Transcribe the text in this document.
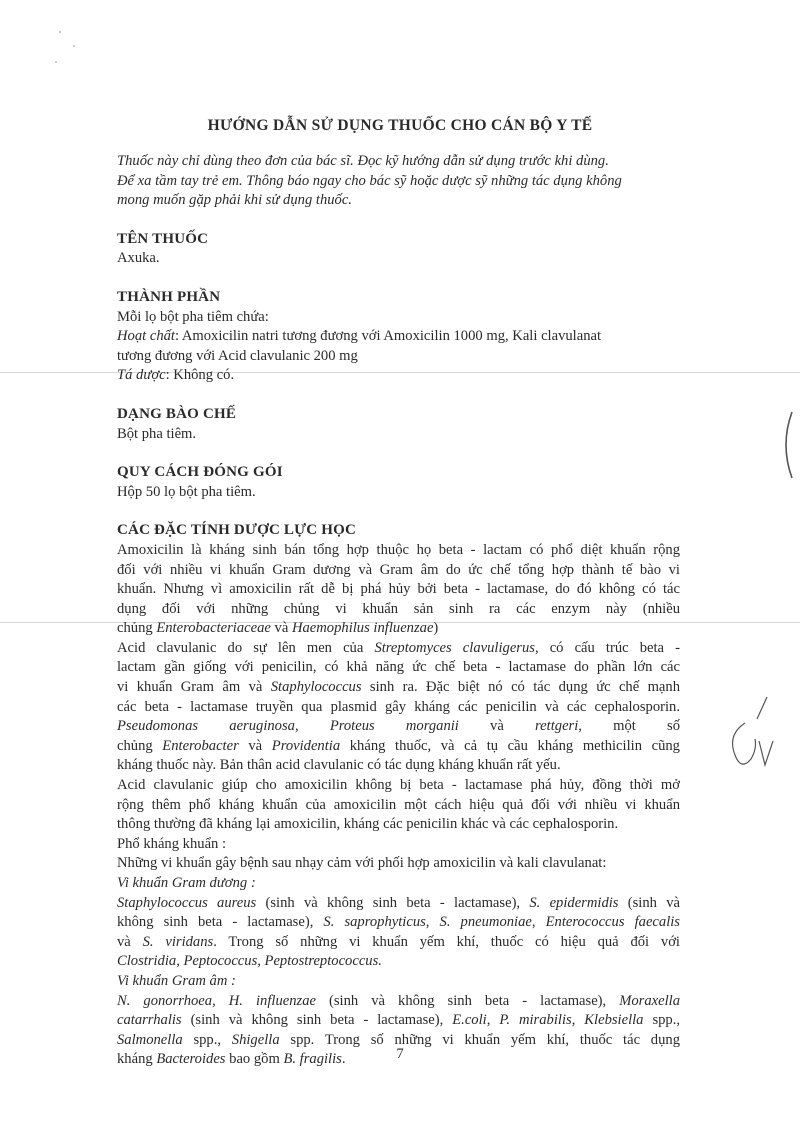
HƯỚNG DẪN SỬ DỤNG THUỐC CHO CÁN BỘ Y TẾ

Thuốc này chỉ dùng theo đơn của bác sĩ. Đọc kỹ hướng dẫn sử dụng trước khi dùng.

Để xa tầm tay trẻ em. Thông báo ngay cho bác sỹ hoặc dược sỹ những tác dụng không

mong muốn gặp phải khi sử dụng thuốc.

TÊN THUỐC

Axuka.

THÀNH PHẦN

Mỗi lọ bột pha tiêm chứa:

Hoạt chất: Amoxicilin natri tương đương với Amoxicilin 1000 mg, Kali clavulanat

tương đương với Acid clavulanic 200 mg

Tá dược: Không có.

DẠNG BÀO CHẾ

Bột pha tiêm.

QUY CÁCH ĐÓNG GÓI

Hộp 50 lọ bột pha tiêm.

CÁC ĐẶC TÍNH DƯỢC LỰC HỌC

Amoxicilin là kháng sinh bán tổng hợp thuộc họ beta - lactam có phổ diệt khuẩn rộng

đối với nhiều vi khuẩn Gram dương và Gram âm do ức chế tổng hợp thành tế bào vi

khuẩn. Nhưng vì amoxicilin rất dễ bị phá hủy bởi beta - lactamase, do đó không có tác

dụng đối với những chủng vi khuẩn sản sinh ra các enzym này (nhiều

chủng Enterobacteriaceae và Haemophilus influenzae)

Acid clavulanic do sự lên men của Streptomyces clavuligerus, có cấu trúc beta -

lactam gần giống với penicilin, có khả năng ức chế beta - lactamase do phần lớn các

vi khuẩn Gram âm và Staphylococcus sinh ra. Đặc biệt nó có tác dụng ức chế mạnh

các beta - lactamase truyền qua plasmid gây kháng các penicilin và các cephalosporin.

Pseudomonas aeruginosa, Proteus morganii và rettgeri, một số

chủng Enterobacter và Providentia kháng thuốc, và cả tụ cầu kháng methicilin cũng

kháng thuốc này. Bản thân acid clavulanic có tác dụng kháng khuẩn rất yếu.

Acid clavulanic giúp cho amoxicilin không bị beta - lactamase phá hủy, đồng thời mở

rộng thêm phổ kháng khuẩn của amoxicilin một cách hiệu quả đối với nhiều vi khuẩn

thông thường đã kháng lại amoxicilin, kháng các penicilin khác và các cephalosporin.

Phổ kháng khuẩn :

Những vi khuẩn gây bệnh sau nhạy cảm với phối hợp amoxicilin và kali clavulanat:

Vi khuẩn Gram dương :

Staphylococcus aureus (sinh và không sinh beta - lactamase), S. epidermidis (sinh và

không sinh beta - lactamase), S. saprophyticus, S. pneumoniae, Enterococcus faecalis

và S. viridans. Trong số những vi khuẩn yếm khí, thuốc có hiệu quả đối với

Clostridia, Peptococcus, Peptostreptococcus.

Vi khuẩn Gram âm :

N. gonorrhoea, H. influenzae (sinh và không sinh beta - lactamase), Moraxella

catarrhalis (sinh và không sinh beta - lactamase), E.coli, P. mirabilis, Klebsiella spp.,

Salmonella spp., Shigella spp. Trong số những vi khuẩn yếm khí, thuốc tác dụng

kháng Bacteroides bao gồm B. fragilis.	7
